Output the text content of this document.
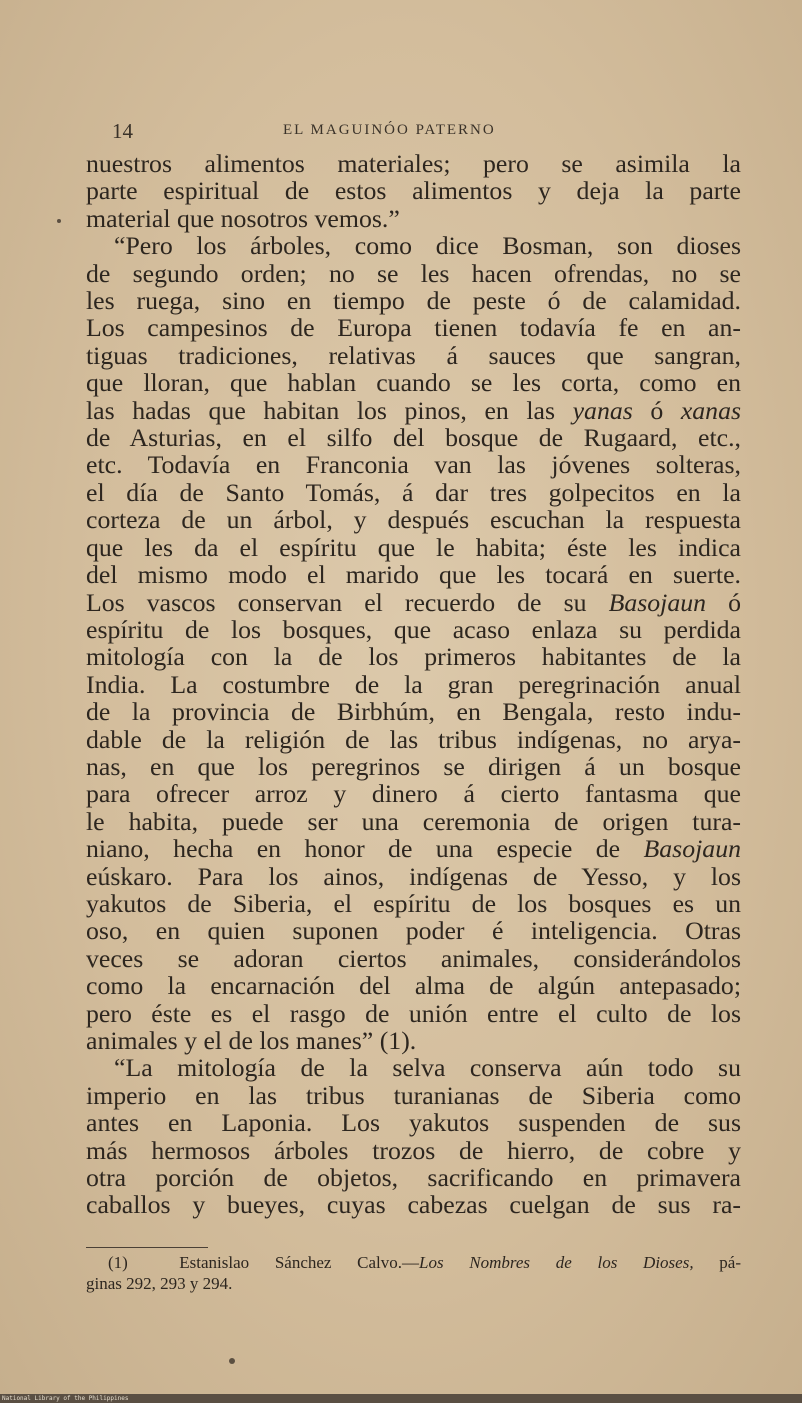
14	EL MAGUINÓO PATERNO
nuestros alimentos materiales; pero se asimila la
parte espiritual de estos alimentos y deja la parte
material que nosotros vemos.”
“Pero los árboles, como dice Bosman, son dioses
de segundo orden; no se les hacen ofrendas, no se
les ruega, sino en tiempo de peste ó de calamidad.
Los campesinos de Europa tienen todavía fe en an-
tiguas tradiciones, relativas á sauces que sangran,
que lloran, que hablan cuando se les corta, como en
las hadas que habitan los pinos, en las yanas ó xanas
de Asturias, en el silfo del bosque de Rugaard, etc.,
etc. Todavía en Franconia van las jóvenes solteras,
el día de Santo Tomás, á dar tres golpecitos en la
corteza de un árbol, y después escuchan la respuesta
que les da el espíritu que le habita; éste les indica
del mismo modo el marido que les tocará en suerte.
Los vascos conservan el recuerdo de su Basojaun ó
espíritu de los bosques, que acaso enlaza su perdida
mitología con la de los primeros habitantes de la
India. La costumbre de la gran peregrinación anual
de la provincia de Birbhúm, en Bengala, resto indu-
dable de la religión de las tribus indígenas, no arya-
nas, en que los peregrinos se dirigen á un bosque
para ofrecer arroz y dinero á cierto fantasma que
le habita, puede ser una ceremonia de origen tura-
niano, hecha en honor de una especie de Basojaun
eúskaro. Para los ainos, indígenas de Yesso, y los
yakutos de Siberia, el espíritu de los bosques es un
oso, en quien suponen poder é inteligencia. Otras
veces se adoran ciertos animales, considerándolos
como la encarnación del alma de algún antepasado;
pero éste es el rasgo de unión entre el culto de los
animales y el de los manes” (1).
“La mitología de la selva conserva aún todo su
imperio en las tribus turanianas de Siberia como
antes en Laponia. Los yakutos suspenden de sus
más hermosos árboles trozos de hierro, de cobre y
otra porción de objetos, sacrificando en primavera
caballos y bueyes, cuyas cabezas cuelgan de sus ra-
(1)	Estanislao Sánchez Calvo.—Los Nombres de los Dioses, pá-
ginas 292, 293 y 294.
National Library of the Philippines
